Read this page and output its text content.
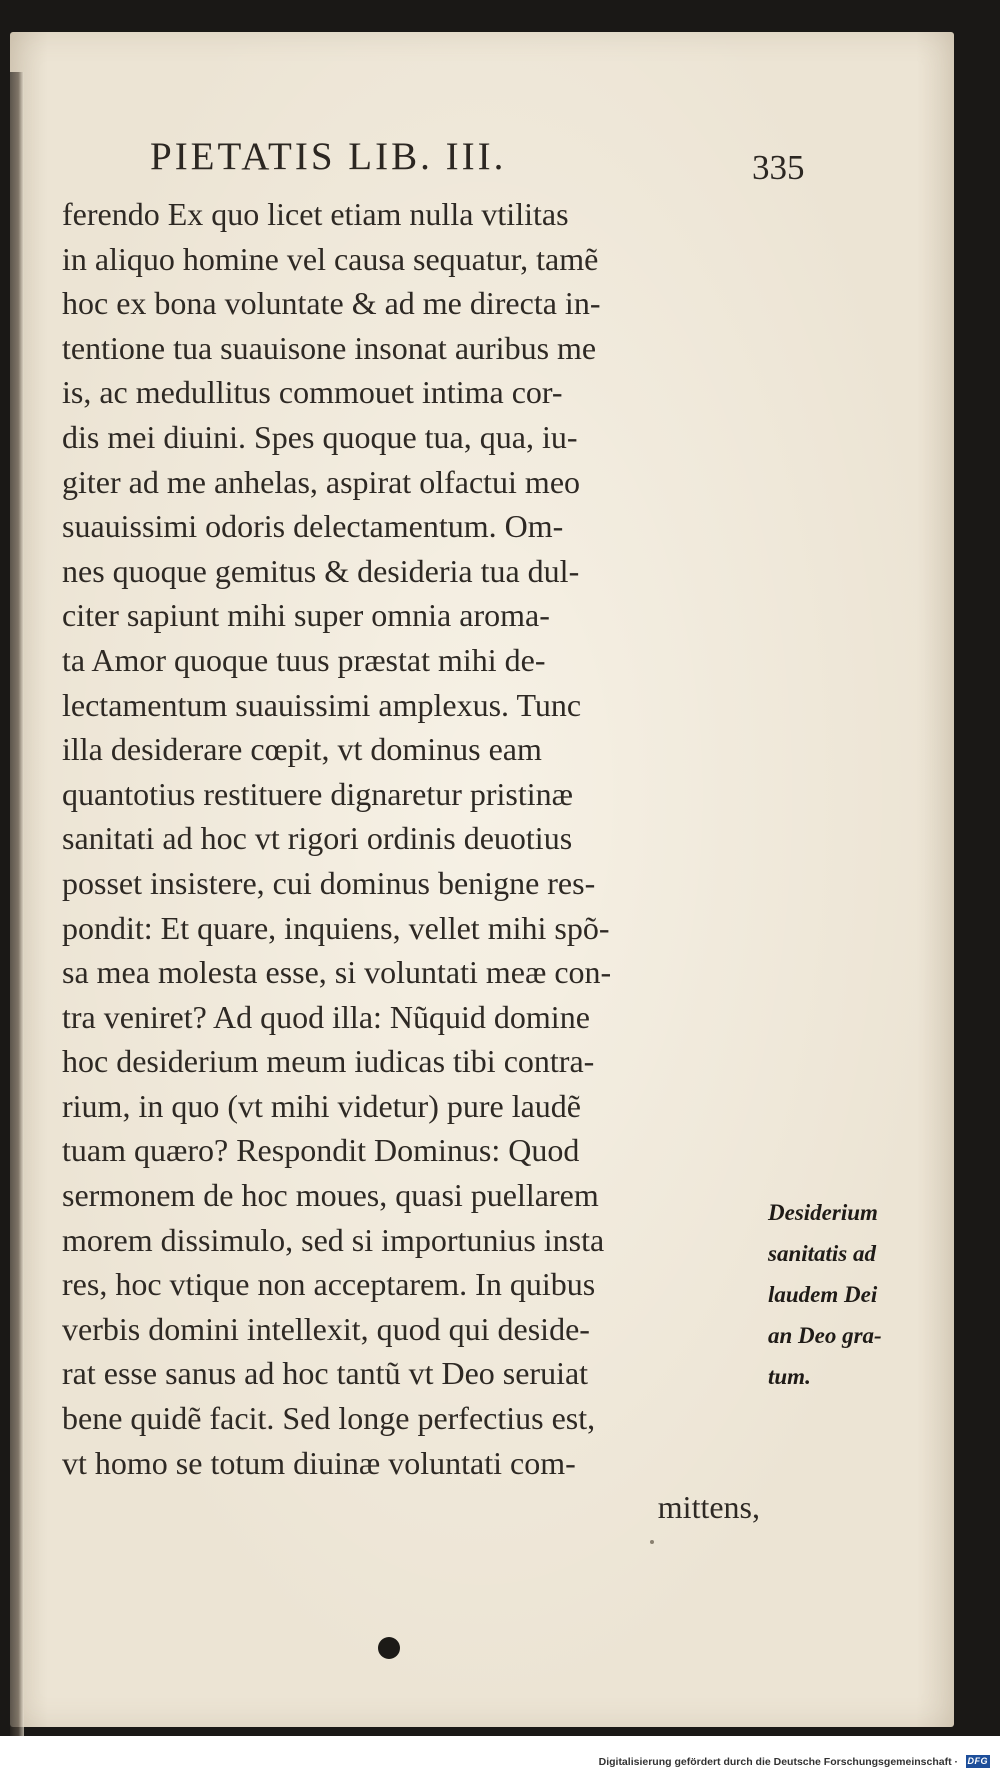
PIETATIS LIB. III.	335
ferendo Ex quo licet etiam nulla vtilitas
in aliquo homine vel causa sequatur, tamẽ
hoc ex bona voluntate & ad me directa in-
tentione tua suauisone insonat auribus me
is, ac medullitus commouet intima cor-
dis mei diuini. Spes quoque tua, qua, iu-
giter ad me anhelas, aspirat olfactui meo
suauissimi odoris delectamentum. Om-
nes quoque gemitus & desideria tua dul-
citer sapiunt mihi super omnia aroma-
ta Amor quoque tuus præstat mihi de-
lectamentum suauissimi amplexus. Tunc
illa desiderare cœpit, vt dominus eam
quantotius restituere dignaretur pristinæ
sanitati ad hoc vt rigori ordinis deuotius
posset insistere, cui dominus benigne res-
pondit: Et quare, inquiens, vellet mihi spõ-
sa mea molesta esse, si voluntati meæ con-
tra veniret? Ad quod illa: Nũquid domine
hoc desiderium meum iudicas tibi contra-
rium, in quo (vt mihi videtur) pure laudẽ
tuam quæro? Respondit Dominus: Quod
sermonem de hoc moues, quasi puellarem
morem dissimulo, sed si importunius insta
res, hoc vtique non acceptarem. In quibus
verbis domini intellexit, quod qui deside-
rat esse sanus ad hoc tantũ vt Deo seruiat
bene quidẽ facit. Sed longe perfectius est,
vt homo se totum diuinæ voluntati com-
mittens,
Desiderium
sanitatis ad
laudem Dei
an Deo gra-
tum.
Digitalisierung gefördert durch die Deutsche Forschungsgemeinschaft · DFG
